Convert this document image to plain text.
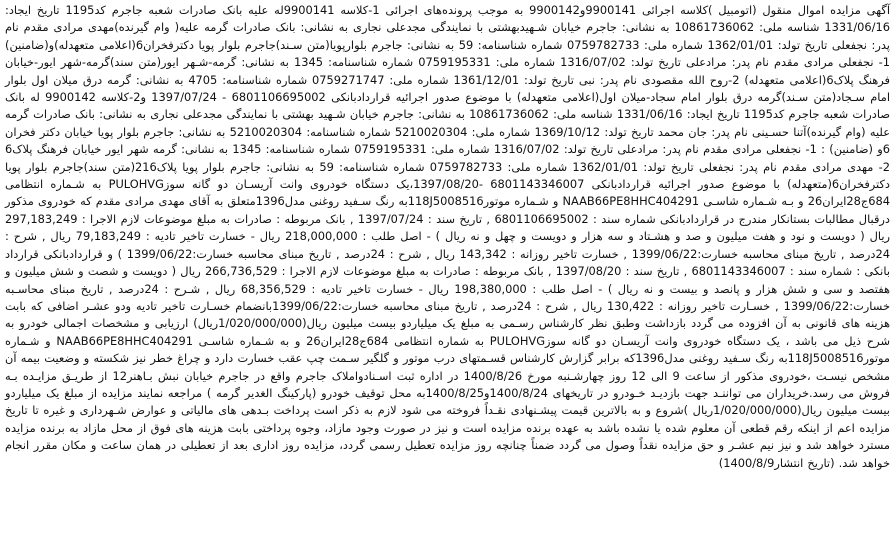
آگهی مزایده اموال منقول (اتومبیل )کلاسه اجرائی 9900141و9900142 به موجب پرونده‌های اجرائی 1-کلاسه 9900141له علیه بانک صادرات شعبه جاجرم کد1195 تاریخ ایجاد: 1331/06/16 شناسه ملی: 10861736062 به نشانی: جاجرم خیابان شـهیدبهشتی با نمایندگی مجدعلی نجاری به نشانی: بانک صادرات گرمه علیه( وام گیرنده)مهدی مرادی مقدم نام پدر: نجفعلی تاریخ تولد: 1362/01/01 شماره ملی: 0759782733 شماره شناسنامه: 59 به نشانی: جاجرم بلوارپویا(متن سـند)جاجرم بلوار پویا دکترفخران6(اعلامی متعهدله)و(ضامنین) 1- نجفعلی مرادی مقدم نام پدر: مرادعلی تاریخ تولد: 1316/07/02 شماره ملی: 0759195331 شماره شناسنامه: 1345 به نشانی: گرمه-شـهر ایور(متن سند)گرمه-شهر ایور-خیابان فرهنگ پلاک6(اعلامی متعهدله) 2-روح الله مقصودی نام پدر: نبی تاریخ تولد: 1361/12/01 شماره ملی: 0759271747 شماره شناسنامه: 4705 به نشانی: گرمه درق میلان اول بلوار امام سـجاد(متن سـند)گرمه درق بلوار امام سجاد-میلان اول(اعلامی متعهدله) با موضوع صدور اجرائیه قراردادبانکی 6801106695002 - 1397/07/24 و2-کلاسه 9900142 له بانک صادرات شعبه جاجرم کد1195 تاریخ ایجاد: 1331/06/16 شناسه ملی: 10861736062 به نشانی: جاجرم خیابان شـهید بهشتی با نمایندگی مجدعلی نجاری به نشانی: بانک صادرات گرمه علیه (وام گیرنده)آتنا حسـینی نام پدر: جان محمد تاریخ تولد: 1369/10/12 شماره ملی: 5210020304 شماره شناسنامه: 5210020304 به نشانی: جاجرم بلوار پویا خیابان دکتر فخران 6و (ضامنین) : 1- نجفعلی مرادی مقدم نام پدر: مرادعلی تاریخ تولد: 1316/07/02 شماره ملی: 0759195331 شماره شناسنامه: 1345 به نشانی: گرمه شهر ایور خیابان فرهنگ پلاک6 2- مهدی مرادی مقدم نام پدر: نجفعلی تاریخ تولد: 1362/01/01 شماره ملی: 0759782733 شماره شناسنامه: 59 به نشانی: جاجرم بلوار پویا پلاک216(متن سند)جاجرم بلوار پویا دکترفخران6(متعهدله) با موضوع صدور اجرائیه قراردادبانکی 6801143346007 -1397/08/20،یک دستگاه خودروی وانت آریسـان دو گانه سوزPULOHVG به شـماره انتظامی 684ج28ایران26 و بـه شـماره شاسـی NAAB66PE8HHC404291 و شـماره موتور118J5008516به رنگ سـفید روغنی مدل1396متعلق به آقای مهدی مرادی مقدم که خودروی مذکور درقبال مطالبات بستانکار مندرج در قراردادبانکی شماره سند : 6801106695002 , تاریخ سند : 1397/07/24 , بانک مربوطه : صادرات به مبلغ موضوعات لازم الاجرا : 297,183,249 ریال ( دویست و نود و هفت میلیون و صد و هشـتاد و سه هزار و دویست و چهل و نه ریال ) - اصل طلب : 218,000,000 ریال - خسارت تاخیر تادیه : 79,183,249 ریال , شرح : 24درصد , تاریخ مبنای محاسبه خسارت:1399/06/22 , خسارت تاخیر روزانه : 143,342 ریال , شرح : 24درصد , تاریخ مبنای محاسبه خسارت:1399/06/22 ) و قراردادبانکی قرارداد بانکی : شماره سند : 6801143346007 , تاریخ سند : 1397/08/20 , بانک مربوطه : صادرات به مبلغ موضوعات لازم الاجرا : 266,736,529 ریال ( دویست و شصت و شش میلیون و هفتصد و سی و شش هزار و پانصد و بیست و نه ریال ) - اصل طلب : 198,380,000 ریال - خسارت تاخیر تادیه : 68,356,529 ریال , شـرح : 24درصد , تاریخ مبنای محاسـبه خسارت:1399/06/22 , خسـارت تاخیر روزانه : 130,422 ریال , شرح : 24درصد , تاریخ مبنای محاسبه خسارت:1399/06/22بانضمام خسـارت تاخیر تادیه ودو عشـر اضافی که بابت هزینه های قانونی به آن افزوده می گردد بازداشت وطبق نظر کارشناس رسـمی به مبلغ یک میلیاردو بیست میلیون ریال(1/020/000/000ریال) ارزیابی و مشخصات اجمالی خودرو به شرح ذیل می باشد ، یک دستگاه خودروی وانت آریسـان دو گانه سوزPULOHVG به شماره انتظامی 684ج28ایران26 و به شـماره شاسـی NAAB66PE8HHC404291 و شـماره موتور118J5008516به رنگ سـفید روغنی مدل1396که برابر گزارش کارشناس قسـمتهای درب موتور و گلگیر سـمت چپ عقب خسارت دارد و چراغ خطر نیز شکسته و وضعیت بیمه آن مشخص نیسـت ،خودروی مذکور از ساعت 9 الی 12 روز چهارشـنبه مورخ 1400/8/26 در اداره ثبت اسـنادواملاک جاجرم واقع در جاجرم خیابان نبش بـاهنر12 از طریـق مزایـده بـه فروش می رسد.خریداران می تواننـد جهت بازدیـد خـودرو در تاریخهای 1400/8/24و1400/8/25به محل توقیف خودرو (پارکینگ الغدیر گرمه ) مراجعه نمایند مزایده از مبلغ یک میلیاردو بیست میلیون ریال(1/020/000/000ریال )شروع و به بالاترین قیمت پیشـنهادی نقـداً فروخته می شود لازم به ذکر است پرداخت بـدهی های مالیاتی و عوارض شـهرداری و غیره تا تاریخ مزایده اعم از اینکه رقم قطعی آن معلوم شده یا نشده باشد به عهده برنده مزایده است و نیز در صورت وجود مازاد، وجوه پرداختی بابت هزینه های فوق از محل مازاد به برنده مزایده مسترد خواهد شد و نیز نیم عشـر و حق مزایده نقداً وصول می گردد ضمناً چنانچه روز مزایده تعطیل رسمی گردد، مزایده روز اداری بعد از تعطیلی در همان ساعت و مکان مقرر انجام خواهد شد. (تاریخ انتشار1400/8/9)
